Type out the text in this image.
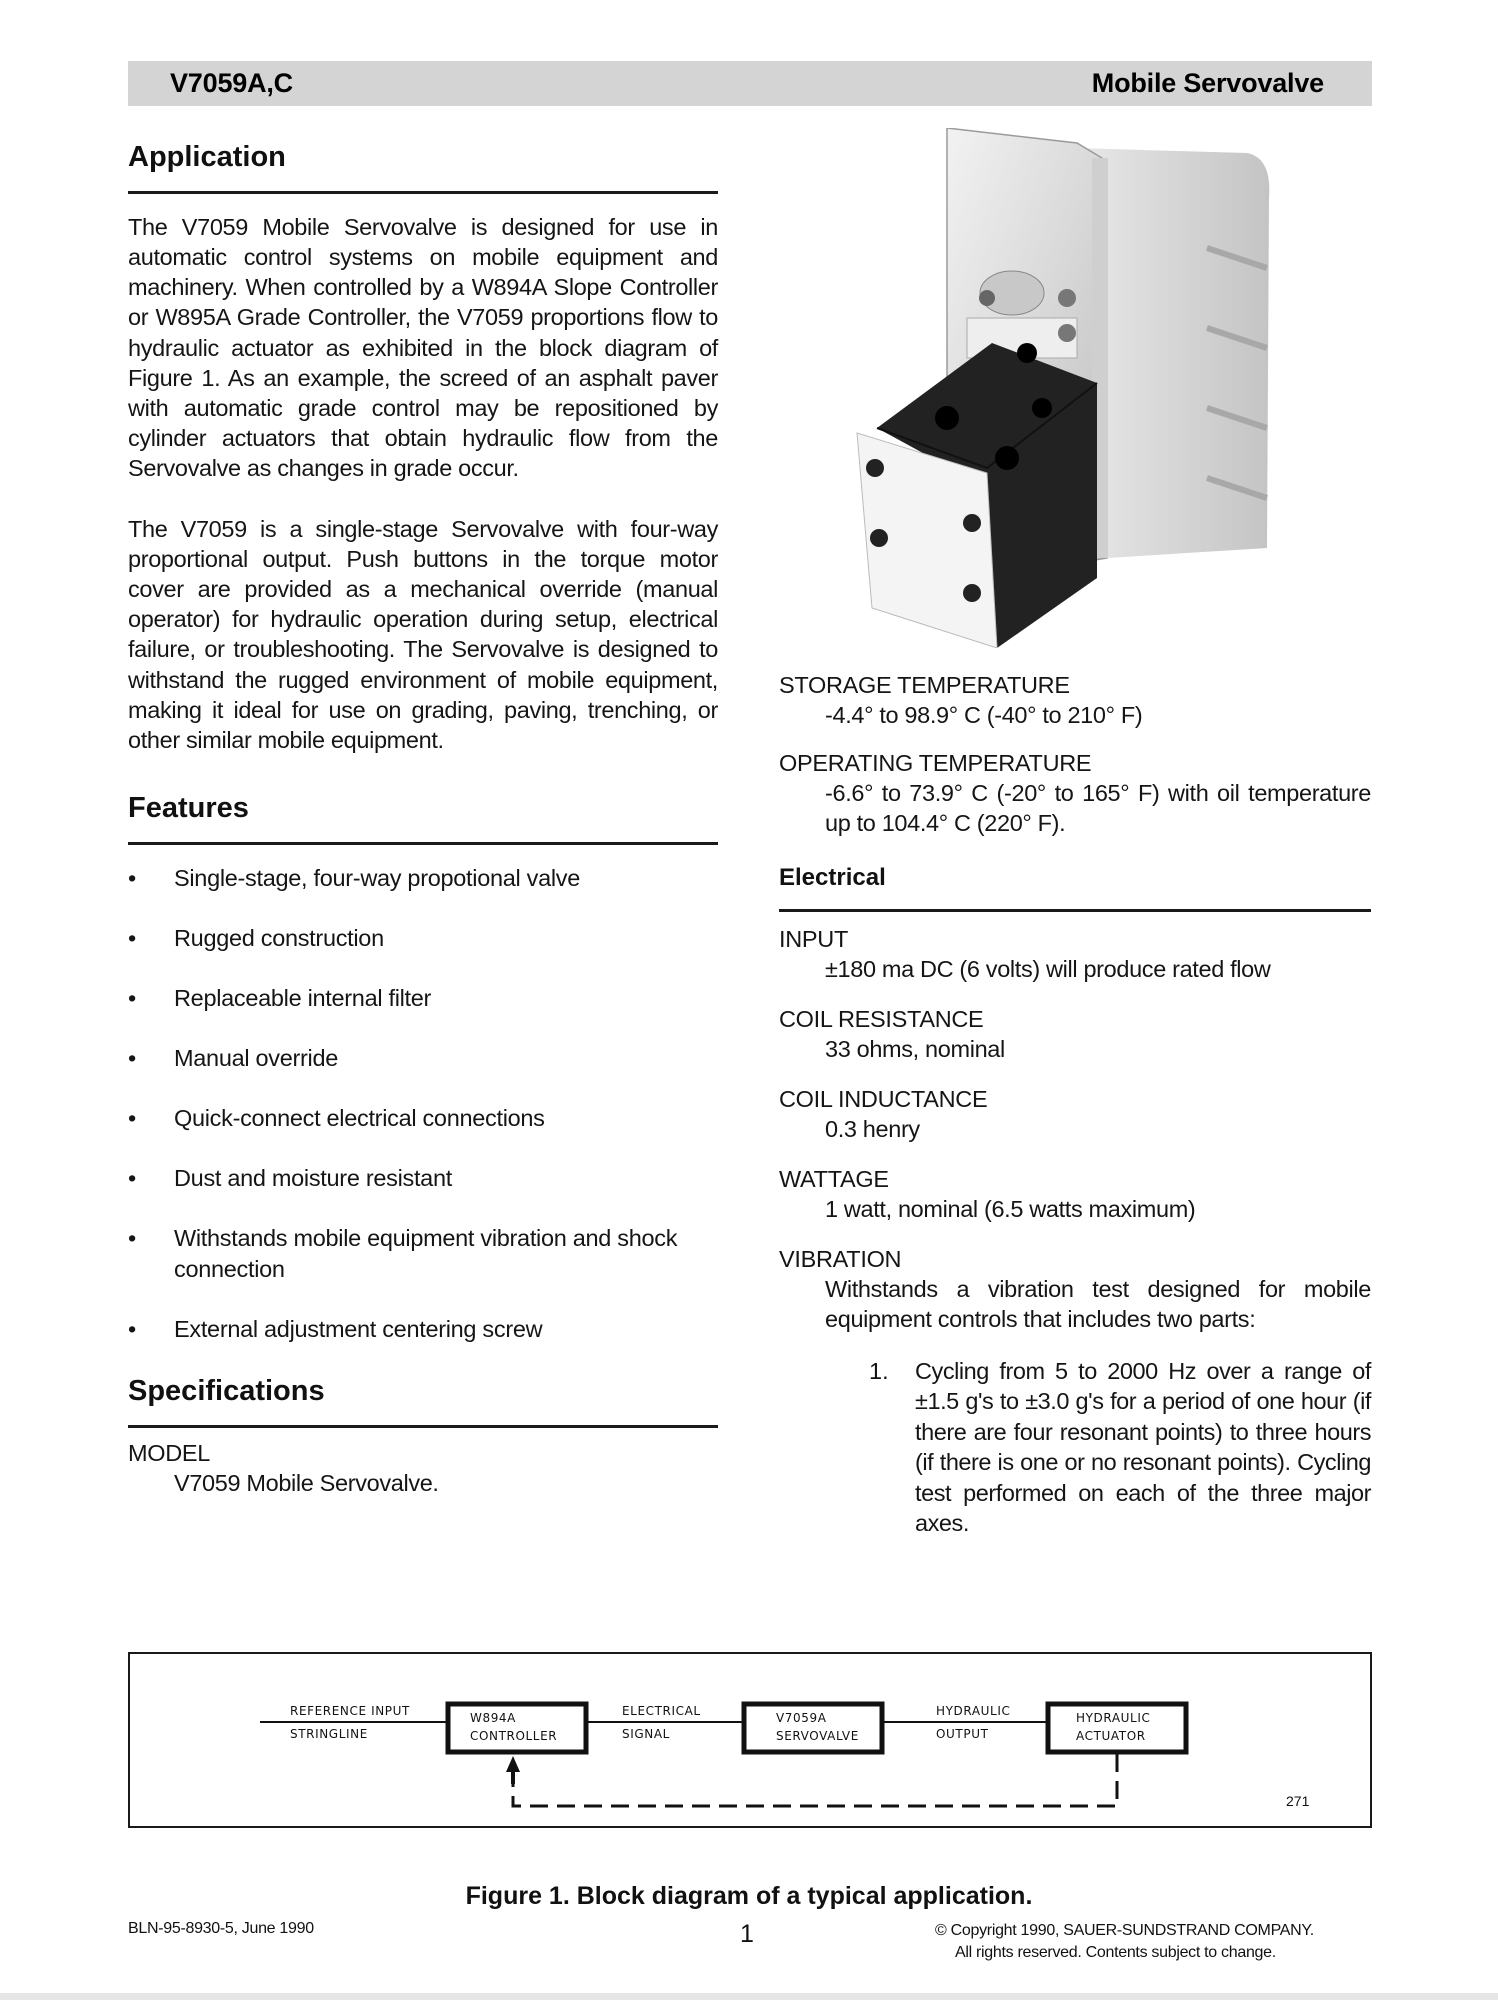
V7059A,C	Mobile Servovalve
Application

The V7059 Mobile Servovalve is designed for use in automatic control systems on mobile equipment and machinery. When controlled by a W894A Slope Controller or W895A Grade Controller, the V7059 proportions flow to hydraulic actuator as exhibited in the block diagram of Figure 1. As an example, the screed of an asphalt paver with automatic grade control may be repositioned by cylinder actuators that obtain hydraulic flow from the Servovalve as changes in grade occur.

The V7059 is a single-stage Servovalve with four-way proportional output. Push buttons in the torque motor cover are provided as a mechanical override (manual operator) for hydraulic operation during setup, electrical failure, or troubleshooting. The Servovalve is designed to withstand the rugged environment of mobile equipment, making it ideal for use on grading, paving, trenching, or other similar mobile equipment.

Features
•	Single-stage, four-way propotional valve
•	Rugged construction
•	Replaceable internal filter
•	Manual override
•	Quick-connect electrical connections
•	Dust and moisture resistant
•	Withstands mobile equipment vibration and shock connection
•	External adjustment centering screw
Specifications
MODEL
V7059 Mobile Servovalve.
STORAGE TEMPERATURE
-4.4° to 98.9° C (-40° to 210° F)
OPERATING TEMPERATURE
-6.6° to 73.9° C (-20° to 165° F) with oil temperature up to 104.4° C (220° F).
Electrical
INPUT
±180 ma DC (6 volts) will produce rated flow
COIL RESISTANCE
33 ohms, nominal
COIL INDUCTANCE
0.3 henry
WATTAGE
1 watt, nominal (6.5 watts maximum)
VIBRATION
Withstands a vibration test designed for mobile equipment controls that includes two parts:
1.	Cycling from 5 to 2000 Hz over a range of ±1.5 g's to ±3.0 g's for a period of one hour (if there are four resonant points) to three hours (if there is one or no resonant points). Cycling test performed on each of the three major axes.
REFERENCE INPUT
STRINGLINE
W894A
CONTROLLER
ELECTRICAL
SIGNAL
V7059A
SERVOVALVE
HYDRAULIC
OUTPUT
HYDRAULIC
ACTUATOR
271
Figure 1. Block diagram of a typical application.
BLN-95-8930-5, June 1990	1	© Copyright 1990, SAUER-SUNDSTRAND COMPANY.
All rights reserved. Contents subject to change.
